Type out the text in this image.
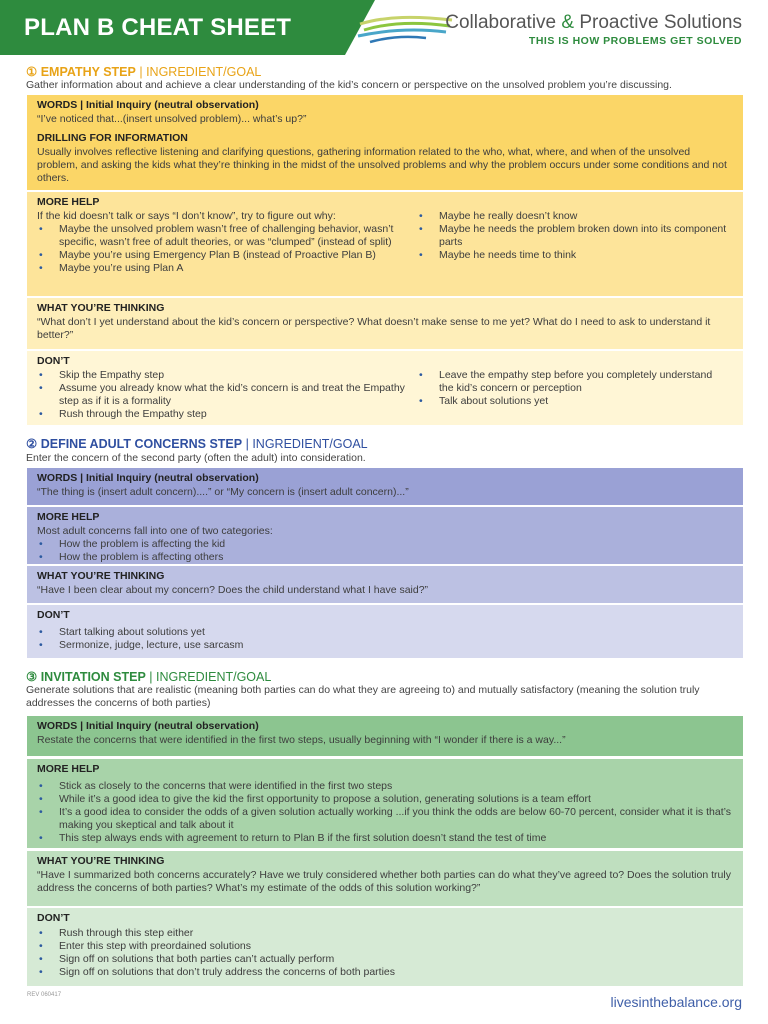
PLAN B CHEAT SHEET	Collaborative & Proactive Solutions
THIS IS HOW PROBLEMS GET SOLVED
① EMPATHY STEP | INGREDIENT/GOAL
Gather information about and achieve a clear understanding of the kid’s concern or perspective on the unsolved problem you’re discussing.
WORDS | Initial Inquiry (neutral observation)

“I’ve noticed that...(insert unsolved problem)... what’s up?”

DRILLING FOR INFORMATION

Usually involves reflective listening and clarifying questions, gathering information related to the who, what, where, and when of the unsolved problem, and asking the kids what they’re thinking in the midst of the unsolved problems and why the problem occurs under some conditions and not others.

MORE HELP

If the kid doesn’t talk or says “I don’t know”, try to figure out why:

• Maybe the unsolved problem wasn’t free of challenging behavior, wasn’t specific, wasn’t free of adult theories, or was “clumped” (instead of split)
• Maybe you’re using Emergency Plan B (instead of Proactive Plan B)
• Maybe you’re using Plan A
• Maybe he really doesn’t know
• Maybe he needs the problem broken down into its component parts
• Maybe he needs time to think
WHAT YOU’RE THINKING

“What don’t I yet understand about the kid’s concern or perspective? What doesn’t make sense to me yet? What do I need to ask to understand it better?”

DON’T
• Skip the Empathy step
• Assume you already know what the kid’s concern is and treat the Empathy step as if it is a formality
• Rush through the Empathy step
• Leave the empathy step before you completely understand the kid’s concern or perception
• Talk about solutions yet
② DEFINE ADULT CONCERNS STEP | INGREDIENT/GOAL
Enter the concern of the second party (often the adult) into consideration.
WORDS | Initial Inquiry (neutral observation)

“The thing is (insert adult concern)....” or “My concern is (insert adult concern)...”

MORE HELP

Most adult concerns fall into one of two categories:

• How the problem is affecting the kid
• How the problem is affecting others
WHAT YOU’RE THINKING

“Have I been clear about my concern? Does the child understand what I have said?”

DON’T
• Start talking about solutions yet
• Sermonize, judge, lecture, use sarcasm
③ INVITATION STEP | INGREDIENT/GOAL
Generate solutions that are realistic (meaning both parties can do what they are agreeing to) and mutually satisfactory (meaning the solution truly addresses the concerns of both parties)
WORDS | Initial Inquiry (neutral observation)

Restate the concerns that were identified in the first two steps, usually beginning with “I wonder if there is a way...”

MORE HELP
• Stick as closely to the concerns that were identified in the first two steps
• While it’s a good idea to give the kid the first opportunity to propose a solution, generating solutions is a team effort
• It’s a good idea to consider the odds of a given solution actually working ...if you think the odds are below 60-70 percent, consider what it is that’s making you skeptical and talk about it
• This step always ends with agreement to return to Plan B if the first solution doesn’t stand the test of time
WHAT YOU’RE THINKING

“Have I summarized both concerns accurately? Have we truly considered whether both parties can do what they’ve agreed to? Does the solution truly address the concerns of both parties? What’s my estimate of the odds of this solution working?”

DON’T
• Rush through this step either
• Enter this step with preordained solutions
• Sign off on solutions that both parties can’t actually perform
• Sign off on solutions that don’t truly address the concerns of both parties
REV 060417	livesinthebalance.org
